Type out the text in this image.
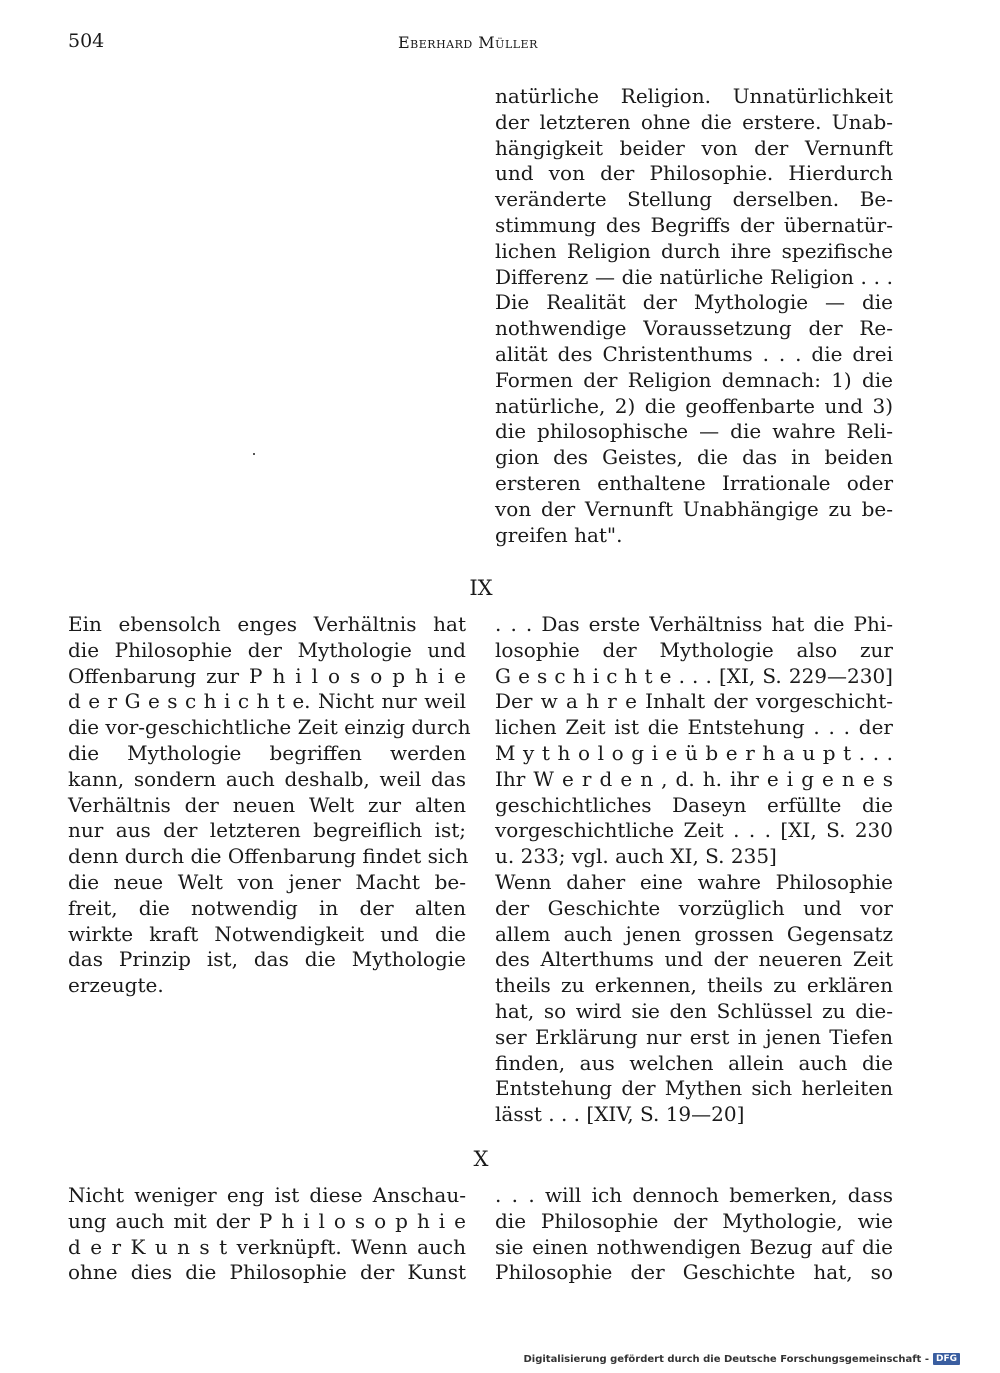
504	Eberhard Müller
natürliche Religion. Unnatürlichkeit
der letzteren ohne die erstere. Unab-
hängigkeit beider von der Vernunft
und von der Philosophie. Hierdurch
veränderte Stellung derselben. Be-
stimmung des Begriffs der übernatür-
lichen Religion durch ihre spezifische
Differenz — die natürliche Religion . . .
Die Realität der Mythologie — die
nothwendige Voraussetzung der Re-
alität des Christenthums . . . die drei
Formen der Religion demnach: 1) die
natürliche, 2) die geoffenbarte und 3)
die philosophische — die wahre Reli-
gion des Geistes, die das in beiden
ersteren enthaltene Irrationale oder
von der Vernunft Unabhängige zu be-
greifen hat".
IX
Ein ebensolch enges Verhältnis hat
die Philosophie der Mythologie und
Offenbarung zur P h i l o s o p h i e
d e r G e s c h i c h t e. Nicht nur weil
die vor-geschichtliche Zeit einzig durch
die Mythologie begriffen werden
kann, sondern auch deshalb, weil das
Verhältnis der neuen Welt zur alten
nur aus der letzteren begreiflich ist;
denn durch die Offenbarung findet sich
die neue Welt von jener Macht be-
freit, die notwendig in der alten
wirkte kraft Notwendigkeit und die
das Prinzip ist, das die Mythologie
erzeugte.
. . . Das erste Verhältniss hat die Phi-
losophie der Mythologie also zur
G e s c h i c h t e . . . [XI, S. 229—230]
Der w a h r e Inhalt der vorgeschicht-
lichen Zeit ist die Entstehung . . . der
M y t h o l o g i e ü b e r h a u p t . . .
Ihr W e r d e n , d. h. ihr e i g e n e s
geschichtliches Daseyn erfüllte die
vorgeschichtliche Zeit . . . [XI, S. 230
u. 233; vgl. auch XI, S. 235]
Wenn daher eine wahre Philosophie
der Geschichte vorzüglich und vor
allem auch jenen grossen Gegensatz
des Alterthums und der neueren Zeit
theils zu erkennen, theils zu erklären
hat, so wird sie den Schlüssel zu die-
ser Erklärung nur erst in jenen Tiefen
finden, aus welchen allein auch die
Entstehung der Mythen sich herleiten
lässt . . . [XIV, S. 19—20]
X
Nicht weniger eng ist diese Anschau-
ung auch mit der P h i l o s o p h i e
d e r K u n s t verknüpft. Wenn auch
ohne dies die Philosophie der Kunst
. . . will ich dennoch bemerken, dass
die Philosophie der Mythologie, wie
sie einen nothwendigen Bezug auf die
Philosophie der Geschichte hat, so
Digitalisierung gefördert durch die Deutsche Forschungsgemeinschaft - DFG
